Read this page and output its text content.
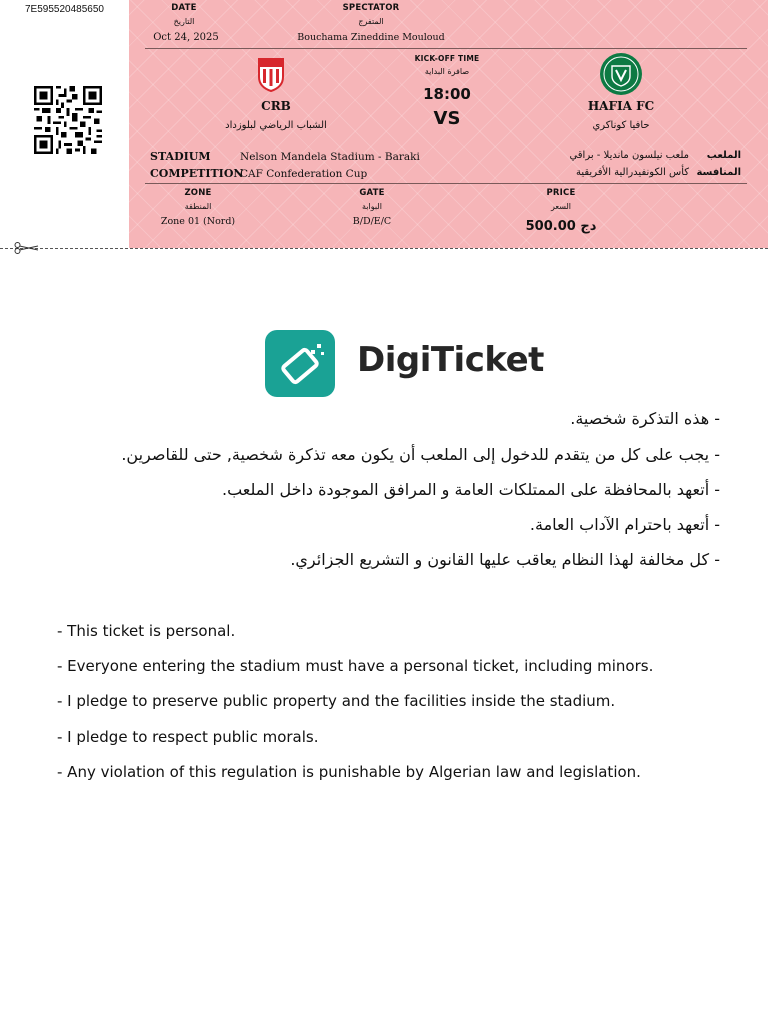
7E595520485650	DATE
التاريخ
Oct 24, 2025
SPECTATOR
المتفرج
Bouchama Zineddine Mouloud
CRB
الشباب الرياضي لبلوزداد
KICK-OFF TIME
صافرة البداية
18:00
VS
HAFIA FC
حافيا كوناكري
STADIUM	Nelson Mandela Stadium - Baraki	ملعب نيلسون مانديلا - براقي	الملعب
COMPETITION
CAF Confederation Cup	كأس الكونفيدرالية الأفريقية المنافسة
ZONE
المنطقة
Zone 01 (Nord)
GATE
البوابة
B/D/E/C
PRICE
السعر
500.00 دج
DigiTicket
- هذه التذكرة شخصية.
- يجب على كل من يتقدم للدخول إلى الملعب أن يكون معه تذكرة شخصية, حتى للقاصرين.
- أتعهد بالمحافظة على الممتلكات العامة و المرافق الموجودة داخل الملعب.
- أتعهد باحترام الآداب العامة.
- كل مخالفة لهذا النظام يعاقب عليها القانون و التشريع الجزائري.
- This ticket is personal.
- Everyone entering the stadium must have a personal ticket, including minors.
- I pledge to preserve public property and the facilities inside the stadium.
- I pledge to respect public morals.
- Any violation of this regulation is punishable by Algerian law and legislation.
